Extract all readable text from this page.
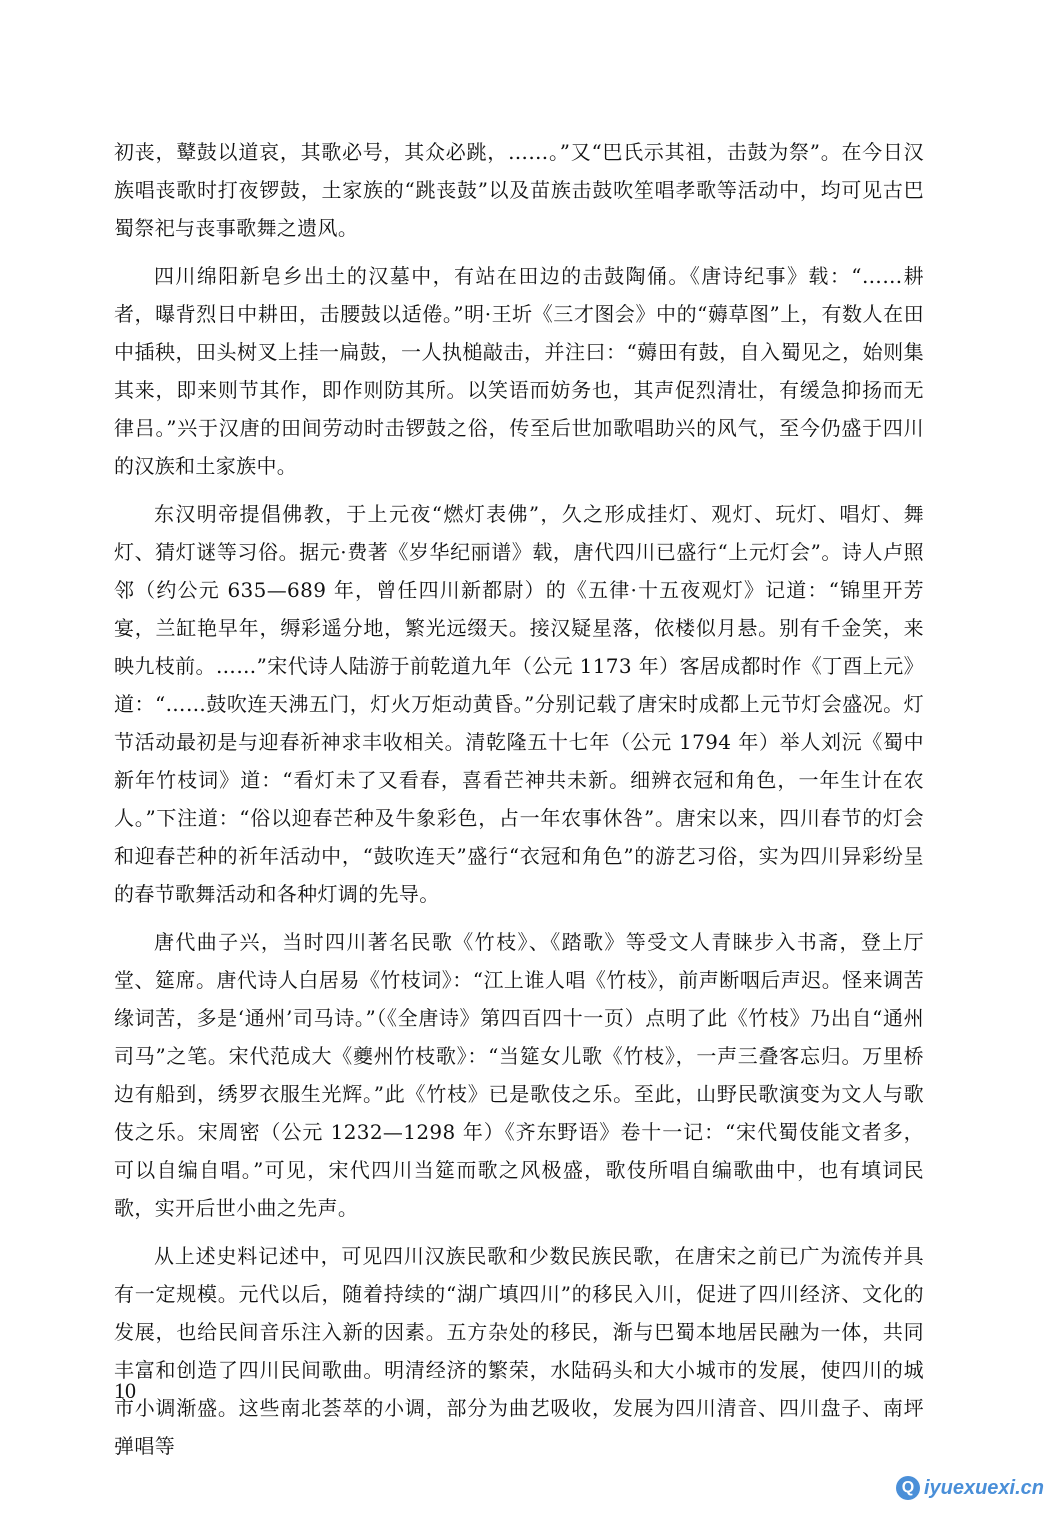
初丧，鼙鼓以道哀，其歌必号，其众必跳，……。”又“巴氏示其祖，击鼓为祭”。在今日汉族唱丧歌时打夜锣鼓，土家族的“跳丧鼓”以及苗族击鼓吹笙唱孝歌等活动中，均可见古巴蜀祭祀与丧事歌舞之遗风。

四川绵阳新皂乡出土的汉墓中，有站在田边的击鼓陶俑。《唐诗纪事》载：“……耕者，曝背烈日中耕田，击腰鼓以适倦。”明·王圻《三才图会》中的“薅草图”上，有数人在田中插秧，田头树叉上挂一扁鼓，一人执槌敲击，并注曰：“薅田有鼓，自入蜀见之，始则集其来，即来则节其作，即作则防其所。以笑语而妨务也，其声促烈清壮，有缓急抑扬而无律吕。”兴于汉唐的田间劳动时击锣鼓之俗，传至后世加歌唱助兴的风气，至今仍盛于四川的汉族和土家族中。

东汉明帝提倡佛教，于上元夜“燃灯表佛”，久之形成挂灯、观灯、玩灯、唱灯、舞灯、猜灯谜等习俗。据元·费著《岁华纪丽谱》载，唐代四川已盛行“上元灯会”。诗人卢照邻（约公元 635—689 年，曾任四川新都尉）的《五律·十五夜观灯》记道：“锦里开芳宴，兰缸艳早年，缛彩遥分地，繁光远缀天。接汉疑星落，依楼似月悬。别有千金笑，来映九枝前。……”宋代诗人陆游于前乾道九年（公元 1173 年）客居成都时作《丁酉上元》道：“……鼓吹连天沸五门，灯火万炬动黄昏。”分别记载了唐宋时成都上元节灯会盛况。灯节活动最初是与迎春祈神求丰收相关。清乾隆五十七年（公元 1794 年）举人刘沅《蜀中新年竹枝词》道：“看灯未了又看春，喜看芒神共未新。细辨衣冠和角色，一年生计在农人。”下注道：“俗以迎春芒种及牛象彩色，占一年农事休咎”。唐宋以来，四川春节的灯会和迎春芒种的祈年活动中，“鼓吹连天”盛行“衣冠和角色”的游艺习俗，实为四川异彩纷呈的春节歌舞活动和各种灯调的先导。

唐代曲子兴，当时四川著名民歌《竹枝》、《踏歌》等受文人青睐步入书斋，登上厅堂、筵席。唐代诗人白居易《竹枝词》：“江上谁人唱《竹枝》，前声断咽后声迟。怪来调苦缘词苦，多是‘通州’司马诗。”（《全唐诗》第四百四十一页）点明了此《竹枝》乃出自“通州司马”之笔。宋代范成大《夔州竹枝歌》：“当筵女儿歌《竹枝》，一声三叠客忘归。万里桥边有船到，绣罗衣服生光辉。”此《竹枝》已是歌伎之乐。至此，山野民歌演变为文人与歌伎之乐。宋周密（公元 1232—1298 年）《齐东野语》卷十一记：“宋代蜀伎能文者多，可以自编自唱。”可见，宋代四川当筵而歌之风极盛，歌伎所唱自编歌曲中，也有填词民歌，实开后世小曲之先声。

从上述史料记述中，可见四川汉族民歌和少数民族民歌，在唐宋之前已广为流传并具有一定规模。元代以后，随着持续的“湖广填四川”的移民入川，促进了四川经济、文化的发展，也给民间音乐注入新的因素。五方杂处的移民，渐与巴蜀本地居民融为一体，共同丰富和创造了四川民间歌曲。明清经济的繁荣，水陆码头和大小城市的发展，使四川的城市小调渐盛。这些南北荟萃的小调，部分为曲艺吸收，发展为四川清音、四川盘子、南坪弹唱等

10
Q iyuexuexi.cn
